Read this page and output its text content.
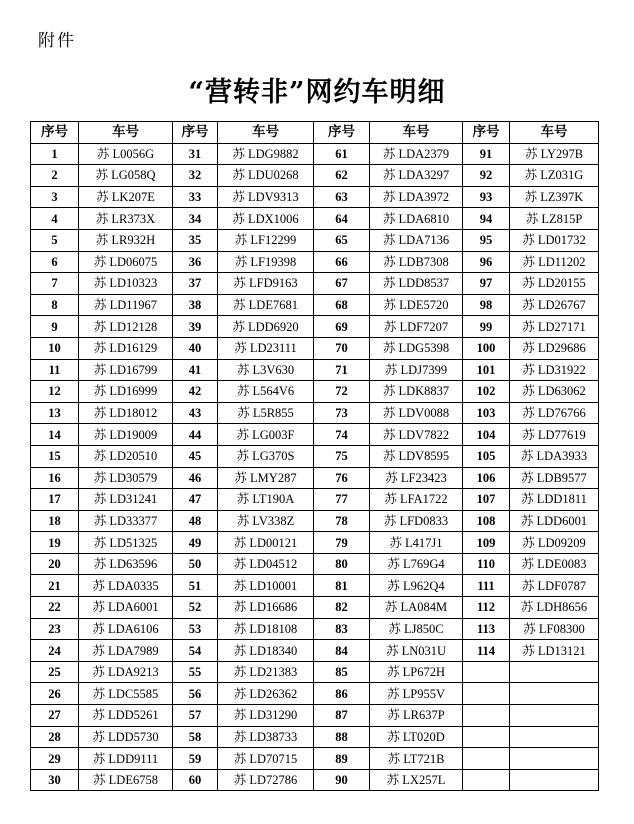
附件
“营转非”网约车明细
序号	车号	序号	车号	序号	车号	序号	车号
1	苏 L0056G	31	苏 LDG9882	61	苏 LDA2379	91	苏 LY297B
2	苏 LG058Q	32	苏 LDU0268	62	苏 LDA3297	92	苏 LZ031G
3	苏 LK207E	33	苏 LDV9313	63	苏 LDA3972	93	苏 LZ397K
4	苏 LR373X	34	苏 LDX1006	64	苏 LDA6810	94	苏 LZ815P
5	苏 LR932H	35	苏 LF12299	65	苏 LDA7136	95	苏 LD01732
6	苏 LD06075	36	苏 LF19398	66	苏 LDB7308	96	苏 LD11202
7	苏 LD10323	37	苏 LFD9163	67	苏 LDD8537	97	苏 LD20155
8	苏 LD11967	38	苏 LDE7681	68	苏 LDE5720	98	苏 LD26767
9	苏 LD12128	39	苏 LDD6920	69	苏 LDF7207	99	苏 LD27171
10	苏 LD16129	40	苏 LD23111	70	苏 LDG5398	100	苏 LD29686
11	苏 LD16799	41	苏 L3V630	71	苏 LDJ7399	101	苏 LD31922
12	苏 LD16999	42	苏 L564V6	72	苏 LDK8837	102	苏 LD63062
13	苏 LD18012	43	苏 L5R855	73	苏 LDV0088	103	苏 LD76766
14	苏 LD19009	44	苏 LG003F	74	苏 LDV7822	104	苏 LD77619
15	苏 LD20510	45	苏 LG370S	75	苏 LDV8595	105	苏 LDA3933
16	苏 LD30579	46	苏 LMY287	76	苏 LF23423	106	苏 LDB9577
17	苏 LD31241	47	苏 LT190A	77	苏 LFA1722	107	苏 LDD1811
18	苏 LD33377	48	苏 LV338Z	78	苏 LFD0833	108	苏 LDD6001
19	苏 LD51325	49	苏 LD00121	79	苏 L417J1	109	苏 LD09209
20	苏 LD63596	50	苏 LD04512	80	苏 L769G4	110	苏 LDE0083
21	苏 LDA0335	51	苏 LD10001	81	苏 L962Q4	111	苏 LDF0787
22	苏 LDA6001	52	苏 LD16686	82	苏 LA084M	112	苏 LDH8656
23	苏 LDA6106	53	苏 LD18108	83	苏 LJ850C	113	苏 LF08300
24	苏 LDA7989	54	苏 LD18340	84	苏 LN031U	114	苏 LD13121
25	苏 LDA9213	55	苏 LD21383	85	苏 LP672H		
26	苏 LDC5585	56	苏 LD26362	86	苏 LP955V		
27	苏 LDD5261	57	苏 LD31290	87	苏 LR637P		
28	苏 LDD5730	58	苏 LD38733	88	苏 LT020D		
29	苏 LDD9111	59	苏 LD70715	89	苏 LT721B		
30	苏 LDE6758	60	苏 LD72786	90	苏 LX257L		
